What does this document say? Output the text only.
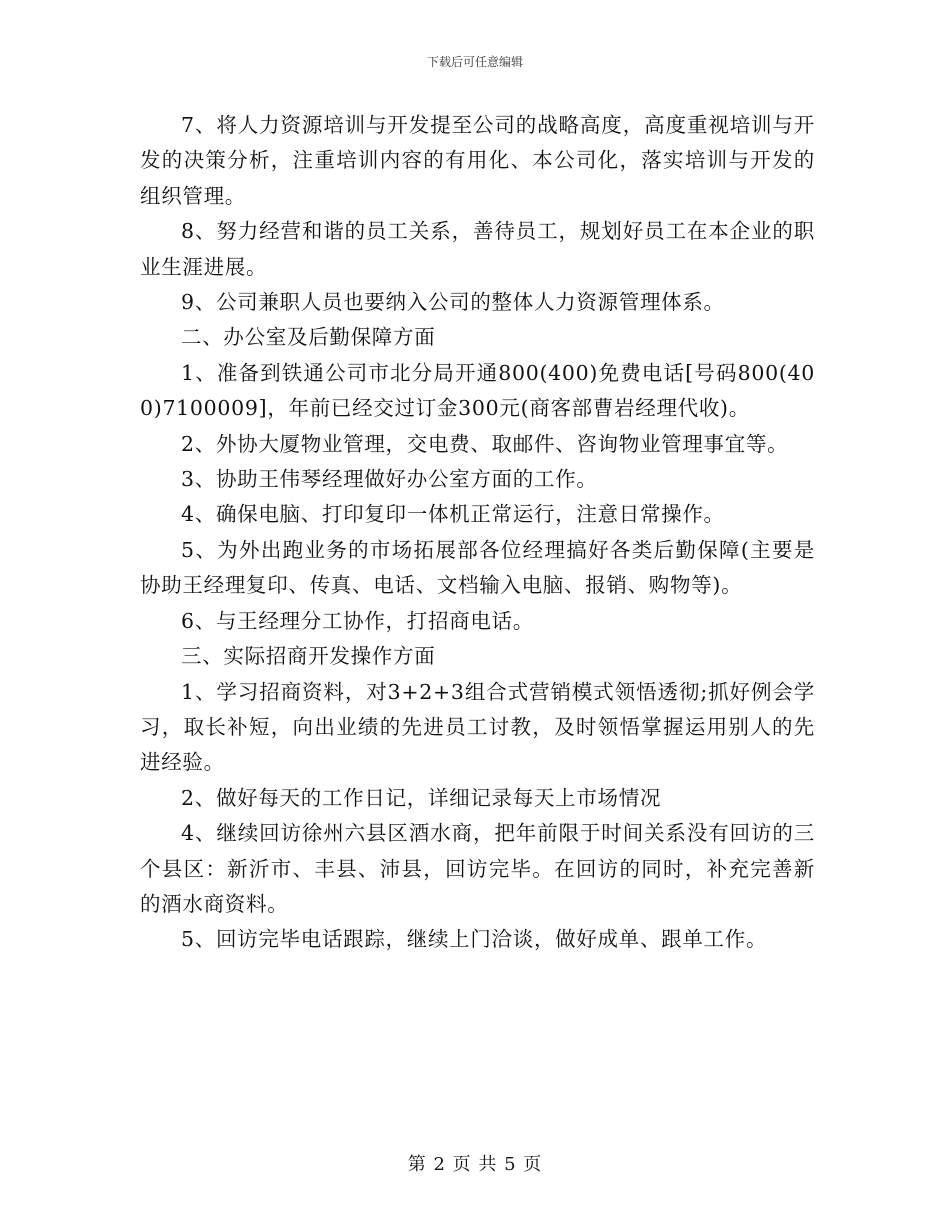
下载后可任意编辑

7、将人力资源培训与开发提至公司的战略高度，高度重视培训与开发的决策分析，注重培训内容的有用化、本公司化，落实培训与开发的组织管理。

8、努力经营和谐的员工关系，善待员工，规划好员工在本企业的职业生涯进展。

9、公司兼职人员也要纳入公司的整体人力资源管理体系。

二、办公室及后勤保障方面

1、准备到铁通公司市北分局开通800(400)免费电话[号码800(400)7100009]，年前已经交过订金300元(商客部曹岩经理代收)。

2、外协大厦物业管理，交电费、取邮件、咨询物业管理事宜等。

3、协助王伟琴经理做好办公室方面的工作。

4、确保电脑、打印复印一体机正常运行，注意日常操作。

5、为外出跑业务的市场拓展部各位经理搞好各类后勤保障(主要是协助王经理复印、传真、电话、文档输入电脑、报销、购物等)。

6、与王经理分工协作，打招商电话。

三、实际招商开发操作方面

1、学习招商资料，对3+2+3组合式营销模式领悟透彻;抓好例会学习，取长补短，向出业绩的先进员工讨教，及时领悟掌握运用别人的先进经验。

2、做好每天的工作日记，详细记录每天上市场情况

4、继续回访徐州六县区酒水商，把年前限于时间关系没有回访的三个县区：新沂市、丰县、沛县，回访完毕。在回访的同时，补充完善新的酒水商资料。

5、回访完毕电话跟踪，继续上门洽谈，做好成单、跟单工作。

第 2 页 共 5 页
